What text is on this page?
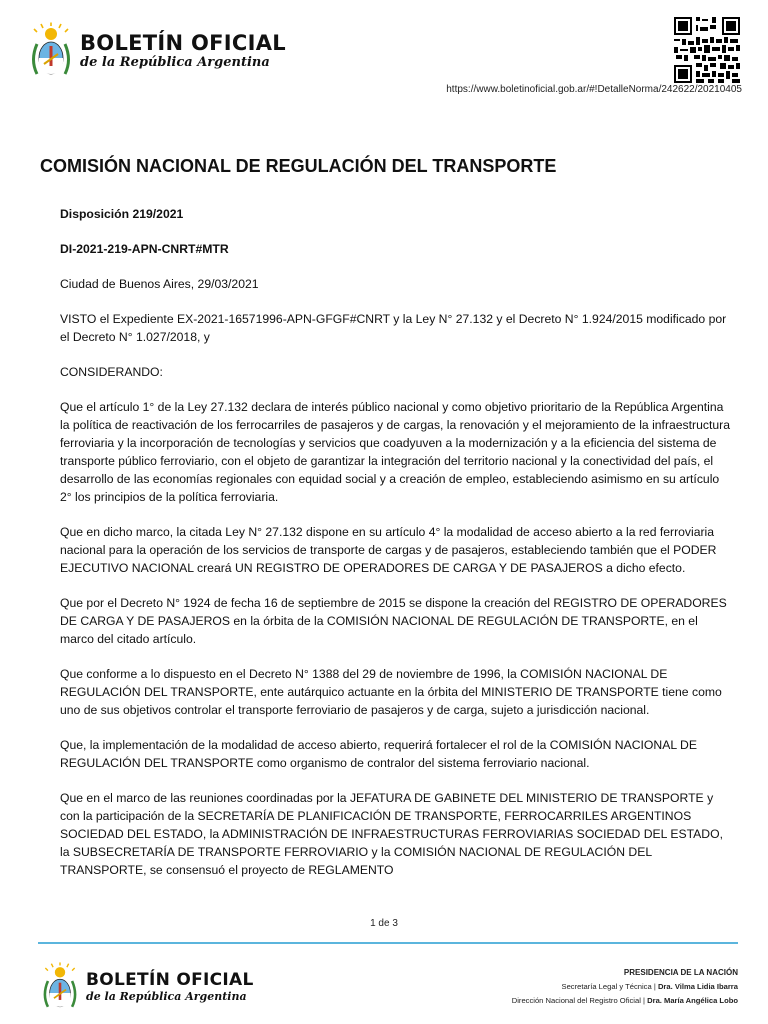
BOLETÍN OFICIAL
de la República Argentina
https://www.boletinoficial.gob.ar/#!DetalleNorma/242622/20210405
COMISIÓN NACIONAL DE REGULACIÓN DEL TRANSPORTE

Disposición 219/2021

DI-2021-219-APN-CNRT#MTR

Ciudad de Buenos Aires, 29/03/2021

VISTO el Expediente EX-2021-16571996-APN-GFGF#CNRT y la Ley N° 27.132 y el Decreto N° 1.924/2015 modificado por el Decreto N° 1.027/2018, y

CONSIDERANDO:

Que el artículo 1° de la Ley 27.132 declara de interés público nacional y como objetivo prioritario de la República Argentina la política de reactivación de los ferrocarriles de pasajeros y de cargas, la renovación y el mejoramiento de la infraestructura ferroviaria y la incorporación de tecnologías y servicios que coadyuven a la modernización y a la eficiencia del sistema de transporte público ferroviario, con el objeto de garantizar la integración del territorio nacional y la conectividad del país, el desarrollo de las economías regionales con equidad social y a creación de empleo, estableciendo asimismo en su artículo 2° los principios de la política ferroviaria.

Que en dicho marco, la citada Ley N° 27.132 dispone en su artículo 4° la modalidad de acceso abierto a la red ferroviaria nacional para la operación de los servicios de transporte de cargas y de pasajeros, estableciendo también que el PODER EJECUTIVO NACIONAL creará UN REGISTRO DE OPERADORES DE CARGA Y DE PASAJEROS a dicho efecto.

Que por el Decreto N° 1924 de fecha 16 de septiembre de 2015 se dispone la creación del REGISTRO DE OPERADORES DE CARGA Y DE PASAJEROS en la órbita de la COMISIÓN NACIONAL DE REGULACIÓN DE TRANSPORTE, en el marco del citado artículo.

Que conforme a lo dispuesto en el Decreto N° 1388 del 29 de noviembre de 1996, la COMISIÓN NACIONAL DE REGULACIÓN DEL TRANSPORTE, ente autárquico actuante en la órbita del MINISTERIO DE TRANSPORTE tiene como uno de sus objetivos controlar el transporte ferroviario de pasajeros y de carga, sujeto a jurisdicción nacional.

Que, la implementación de la modalidad de acceso abierto, requerirá fortalecer el rol de la COMISIÓN NACIONAL DE REGULACIÓN DEL TRANSPORTE como organismo de contralor del sistema ferroviario nacional.

Que en el marco de las reuniones coordinadas por la JEFATURA DE GABINETE DEL MINISTERIO DE TRANSPORTE y con la participación de la SECRETARÍA DE PLANIFICACIÓN DE TRANSPORTE, FERROCARRILES ARGENTINOS SOCIEDAD DEL ESTADO, la ADMINISTRACIÓN DE INFRAESTRUCTURAS FERROVIARIAS SOCIEDAD DEL ESTADO, la SUBSECRETARÍA DE TRANSPORTE FERROVIARIO y la COMISIÓN NACIONAL DE REGULACIÓN DEL TRANSPORTE, se consensuó el proyecto de REGLAMENTO

1 de 3
BOLETÍN OFICIAL
de la República Argentina
PRESIDENCIA DE LA NACIÓN
Secretaría Legal y Técnica | Dra. Vilma Lidia Ibarra
Dirección Nacional del Registro Oficial | Dra. María Angélica Lobo
